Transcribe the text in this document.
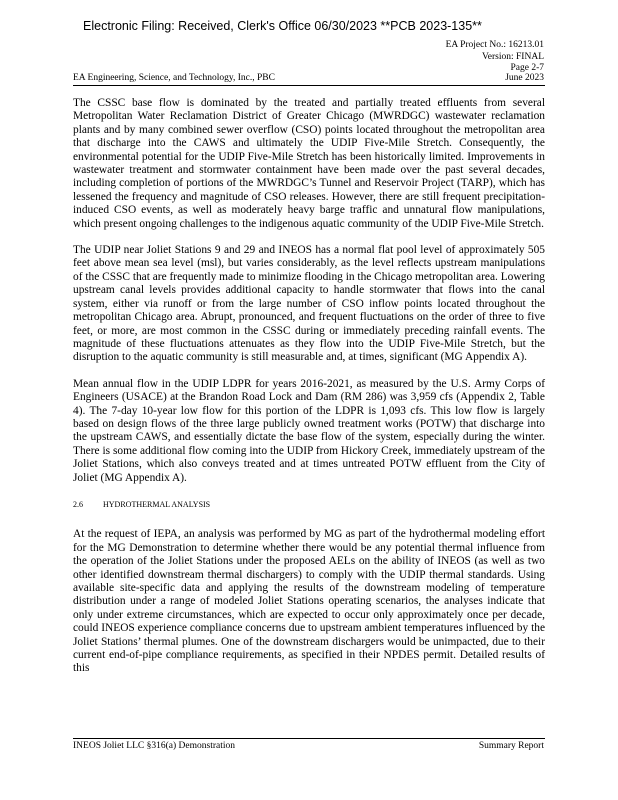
Electronic Filing: Received, Clerk's Office 06/30/2023 **PCB 2023-135**
EA Project No.: 16213.01
Version: FINAL
Page 2-7
EA Engineering, Science, and Technology, Inc., PBC	June 2023

The CSSC base flow is dominated by the treated and partially treated effluents from several Metropolitan Water Reclamation District of Greater Chicago (MWRDGC) wastewater reclamation plants and by many combined sewer overflow (CSO) points located throughout the metropolitan area that discharge into the CAWS and ultimately the UDIP Five-Mile Stretch. Consequently, the environmental potential for the UDIP Five-Mile Stretch has been historically limited. Improvements in wastewater treatment and stormwater containment have been made over the past several decades, including completion of portions of the MWRDGC’s Tunnel and Reservoir Project (TARP), which has lessened the frequency and magnitude of CSO releases. However, there are still frequent precipitation-induced CSO events, as well as moderately heavy barge traffic and unnatural flow manipulations, which present ongoing challenges to the indigenous aquatic community of the UDIP Five-Mile Stretch.

The UDIP near Joliet Stations 9 and 29 and INEOS has a normal flat pool level of approximately 505 feet above mean sea level (msl), but varies considerably, as the level reflects upstream manipulations of the CSSC that are frequently made to minimize flooding in the Chicago metropolitan area. Lowering upstream canal levels provides additional capacity to handle stormwater that flows into the canal system, either via runoff or from the large number of CSO inflow points located throughout the metropolitan Chicago area. Abrupt, pronounced, and frequent fluctuations on the order of three to five feet, or more, are most common in the CSSC during or immediately preceding rainfall events. The magnitude of these fluctuations attenuates as they flow into the UDIP Five-Mile Stretch, but the disruption to the aquatic community is still measurable and, at times, significant (MG Appendix A).

Mean annual flow in the UDIP LDPR for years 2016-2021, as measured by the U.S. Army Corps of Engineers (USACE) at the Brandon Road Lock and Dam (RM 286) was 3,959 cfs (Appendix 2, Table 4). The 7-day 10-year low flow for this portion of the LDPR is 1,093 cfs. This low flow is largely based on design flows of the three large publicly owned treatment works (POTW) that discharge into the upstream CAWS, and essentially dictate the base flow of the system, especially during the winter. There is some additional flow coming into the UDIP from Hickory Creek, immediately upstream of the Joliet Stations, which also conveys treated and at times untreated POTW effluent from the City of Joliet (MG Appendix A).

2.6	HYDROTHERMAL ANALYSIS

At the request of IEPA, an analysis was performed by MG as part of the hydrothermal modeling effort for the MG Demonstration to determine whether there would be any potential thermal influence from the operation of the Joliet Stations under the proposed AELs on the ability of INEOS (as well as two other identified downstream thermal dischargers) to comply with the UDIP thermal standards. Using available site-specific data and applying the results of the downstream modeling of temperature distribution under a range of modeled Joliet Stations operating scenarios, the analyses indicate that only under extreme circumstances, which are expected to occur only approximately once per decade, could INEOS experience compliance concerns due to upstream ambient temperatures influenced by the Joliet Stations’ thermal plumes. One of the downstream dischargers would be unimpacted, due to their current end-of-pipe compliance requirements, as specified in their NPDES permit. Detailed results of this

INEOS Joliet LLC §316(a) Demonstration	Summary Report
